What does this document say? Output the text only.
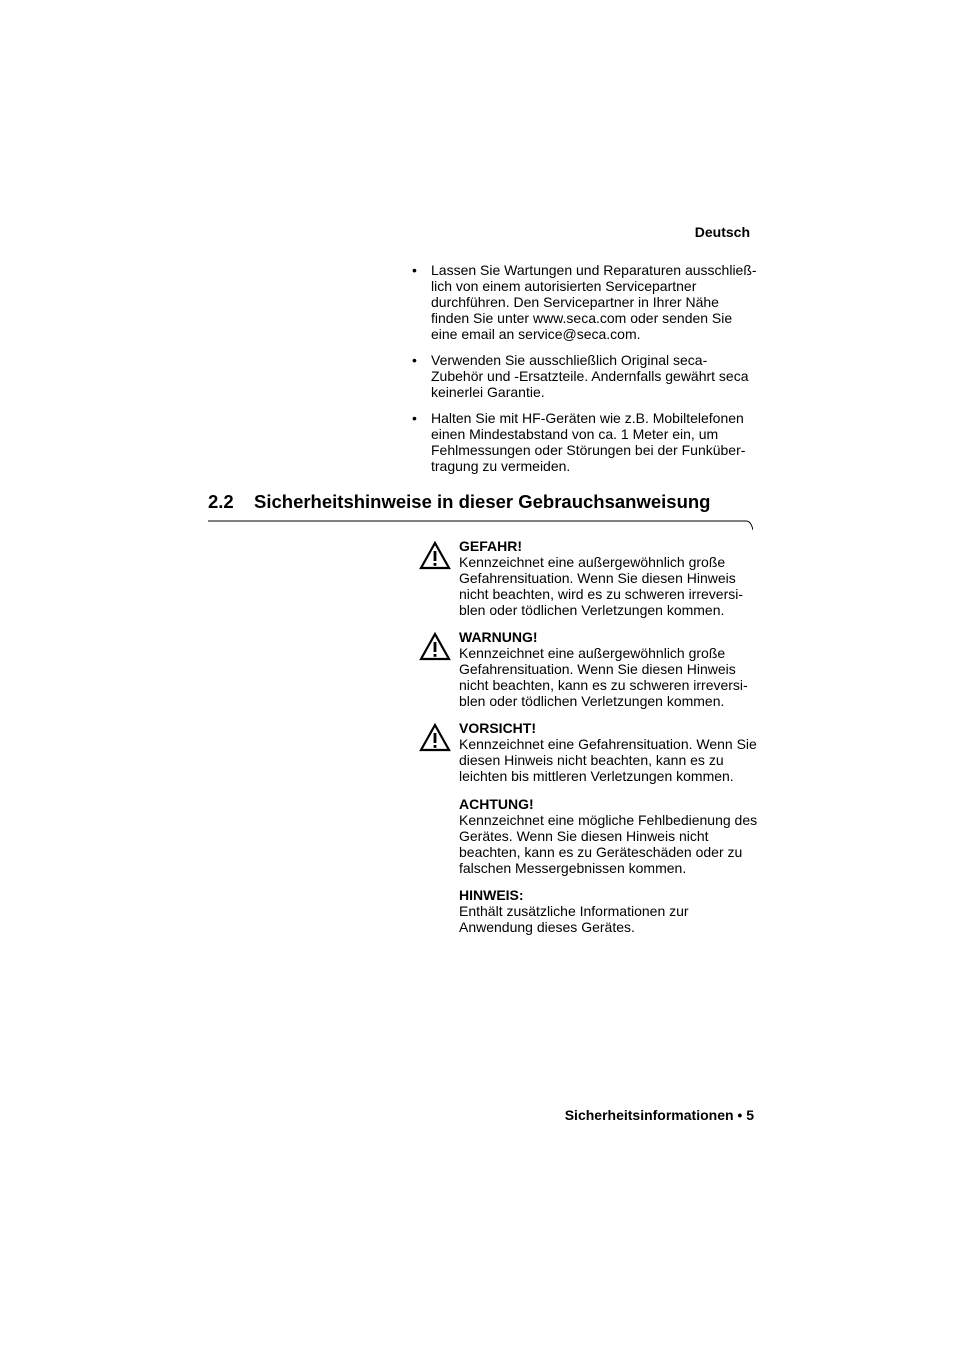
Deutsch
• Lassen Sie Wartungen und Reparaturen ausschließ-lich von einem autorisierten Servicepartner durchführen. Den Servicepartner in Ihrer Nähe finden Sie unter www.seca.com oder senden Sie eine email an service@seca.com.
• Verwenden Sie ausschließlich Original seca-Zubehör und -Ersatzteile. Andernfalls gewährt seca keinerlei Garantie.
• Halten Sie mit HF-Geräten wie z.B. Mobiltelefonen einen Mindestabstand von ca. 1 Meter ein, um Fehlmessungen oder Störungen bei der Funküber-tragung zu vermeiden.
2.2 Sicherheitshinweise in dieser Gebrauchsanweisung
GEFAHR!
Kennzeichnet eine außergewöhnlich große Gefahrensituation. Wenn Sie diesen Hinweis nicht beachten, wird es zu schweren irreversi-blen oder tödlichen Verletzungen kommen.
WARNUNG!
Kennzeichnet eine außergewöhnlich große Gefahrensituation. Wenn Sie diesen Hinweis nicht beachten, kann es zu schweren irreversi-blen oder tödlichen Verletzungen kommen.
VORSICHT!
Kennzeichnet eine Gefahrensituation. Wenn Sie diesen Hinweis nicht beachten, kann es zu leichten bis mittleren Verletzungen kommen.
ACHTUNG!
Kennzeichnet eine mögliche Fehlbedienung des Gerätes. Wenn Sie diesen Hinweis nicht beachten, kann es zu Geräteschäden oder zu falschen Messergebnissen kommen.
HINWEIS:
Enthält zusätzliche Informationen zur Anwendung dieses Gerätes.
Sicherheitsinformationen • 5
